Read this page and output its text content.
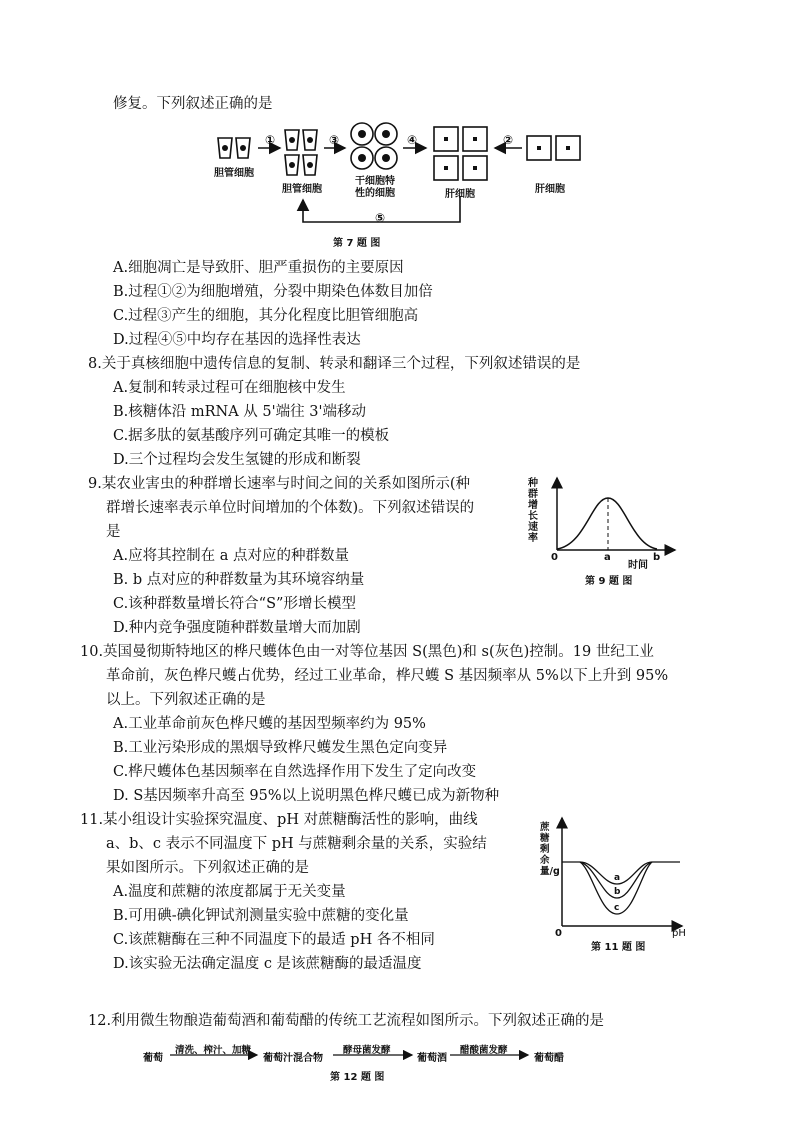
修复。下列叙述正确的是
①	③	④	②
⑤
胆管细胞
胆管细胞
干细胞特
性的细胞	肝细胞	肝细胞
第 7 题 图
A.细胞凋亡是导致肝、胆严重损伤的主要原因
B.过程①②为细胞增殖，分裂中期染色体数目加倍
C.过程③产生的细胞，其分化程度比胆管细胞高
D.过程④⑤中均存在基因的选择性表达
8.关于真核细胞中遗传信息的复制、转录和翻译三个过程，下列叙述错误的是
A.复制和转录过程可在细胞核中发生
B.核糖体沿 mRNA 从 5'端往 3'端移动
C.据多肽的氨基酸序列可确定其唯一的模板
D.三个过程均会发生氢键的形成和断裂
9.某农业害虫的种群增长速率与时间之间的关系如图所示(种
群增长速率表示单位时间增加的个体数)。下列叙述错误的
是
A.应将其控制在 a 点对应的种群数量
B. b 点对应的种群数量为其环境容纳量
C.该种群数量增长符合“S”形增长模型
D.种内竞争强度随种群数量增大而加剧
种群增长速率
0	a	b
时间
第 9 题 图
10.英国曼彻斯特地区的桦尺蠖体色由一对等位基因 S(黑色)和 s(灰色)控制。19 世纪工业
革命前，灰色桦尺蠖占优势，经过工业革命，桦尺蠖 S 基因频率从 5%以下上升到 95%
以上。下列叙述正确的是
A.工业革命前灰色桦尺蠖的基因型频率约为 95%
B.工业污染形成的黑烟导致桦尺蠖发生黑色定向变异
C.桦尺蠖体色基因频率在自然选择作用下发生了定向改变
D. S基因频率升高至 95%以上说明黑色桦尺蠖已成为新物种
11.某小组设计实验探究温度、pH 对蔗糖酶活性的影响，曲线
a、b、c 表示不同温度下 pH 与蔗糖剩余量的关系，实验结
果如图所示。下列叙述正确的是
A.温度和蔗糖的浓度都属于无关变量
B.可用碘-碘化钾试剂测量实验中蔗糖的变化量
C.该蔗糖酶在三种不同温度下的最适 pH 各不相同
D.该实验无法确定温度 c 是该蔗糖酶的最适温度
蔗糖剩余量/g
a
b
c
0	pH
第 11 题 图
12.利用微生物酿造葡萄酒和葡萄醋的传统工艺流程如图所示。下列叙述正确的是
葡萄
清洗、榨汁、加糖
葡萄汁混合物
酵母菌发酵
葡萄酒
醋酸菌发酵
葡萄醋
第 12 题 图
